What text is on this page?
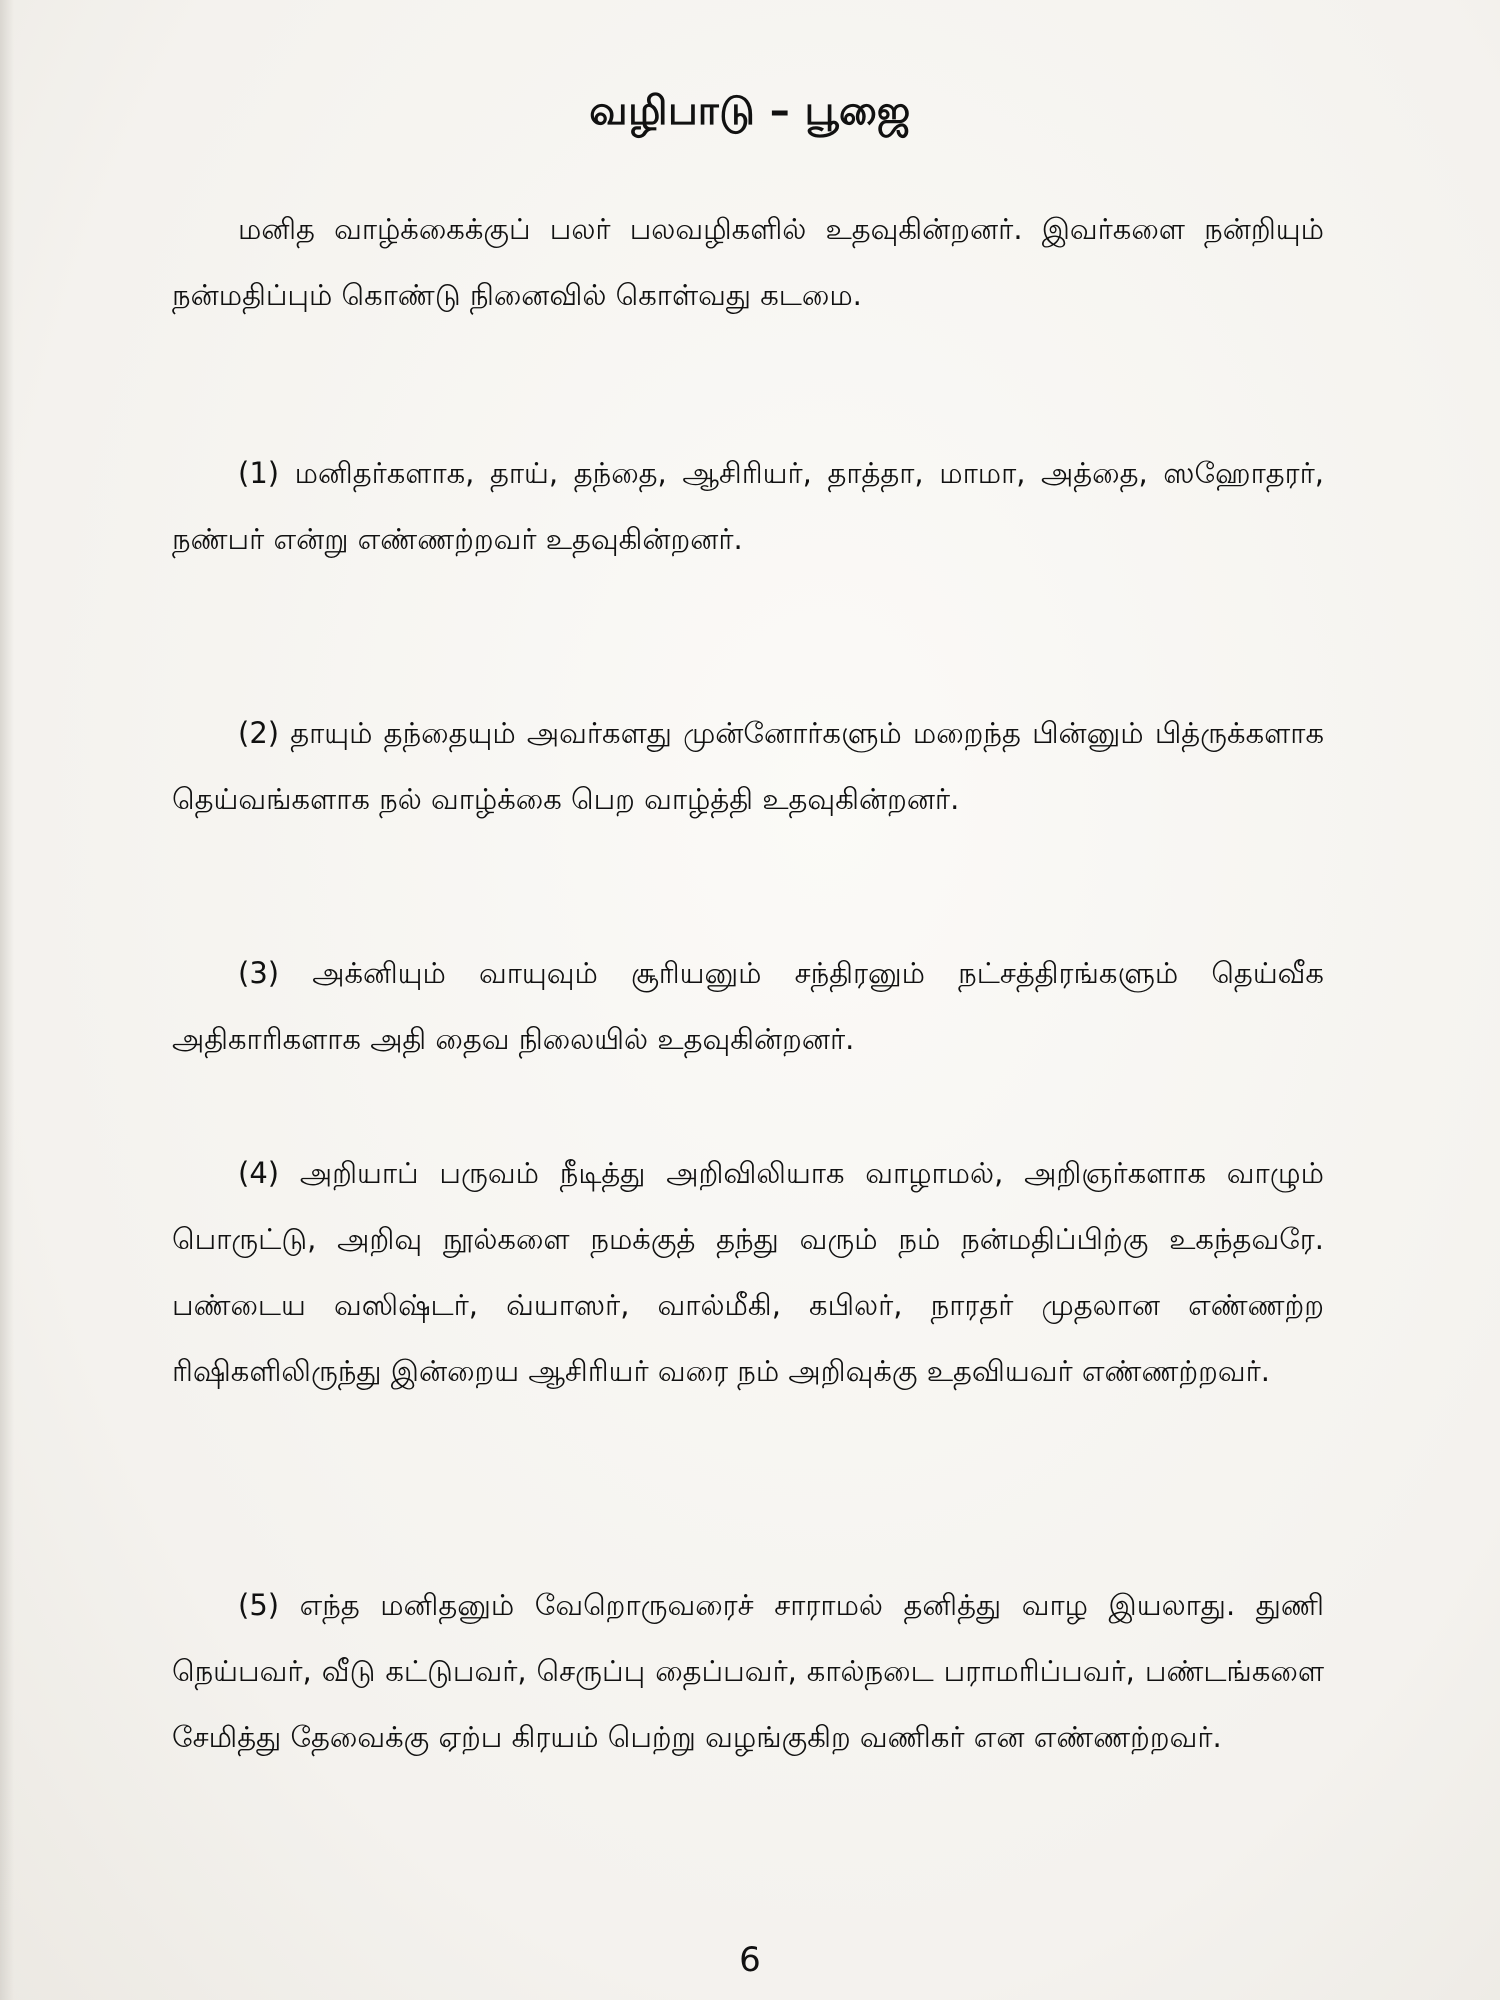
வழிபாடு – பூஜை

மனித வாழ்க்கைக்குப் பலர் பலவழிகளில் உதவுகின்றனர். இவர்களை நன்றியும் நன்மதிப்பும் கொண்டு நினைவில் கொள்வது கடமை.

(1) மனிதர்களாக, தாய், தந்தை, ஆசிரியர், தாத்தா, மாமா, அத்தை, ஸஹோதரர், நண்பர் என்று எண்ணற்றவர் உதவுகின்றனர்.

(2) தாயும் தந்தையும் அவர்களது முன்னோர்களும் மறைந்த பின்னும் பித்ருக்களாக தெய்வங்களாக நல் வாழ்க்கை பெற வாழ்த்தி உதவுகின்றனர்.

(3) அக்னியும் வாயுவும் சூரியனும் சந்திரனும் நட்சத்திரங்களும் தெய்வீக அதிகாரிகளாக அதி தைவ நிலையில் உதவுகின்றனர்.

(4) அறியாப் பருவம் நீடித்து அறிவிலியாக வாழாமல், அறிஞர்களாக வாழும் பொருட்டு, அறிவு நூல்களை நமக்குத் தந்து வரும் நம் நன்மதிப்பிற்கு உகந்தவரே. பண்டைய வஸிஷ்டர், வ்யாஸர், வால்மீகி, கபிலர், நாரதர் முதலான எண்ணற்ற ரிஷிகளிலிருந்து இன்றைய ஆசிரியர் வரை நம் அறிவுக்கு உதவியவர் எண்ணற்றவர்.

(5) எந்த மனிதனும் வேறொருவரைச் சாராமல் தனித்து வாழ இயலாது. துணி நெய்பவர், வீடு கட்டுபவர், செருப்பு தைப்பவர், கால்நடை பராமரிப்பவர், பண்டங்களை சேமித்து தேவைக்கு ஏற்ப கிரயம் பெற்று வழங்குகிற வணிகர் என எண்ணற்றவர்.

6
